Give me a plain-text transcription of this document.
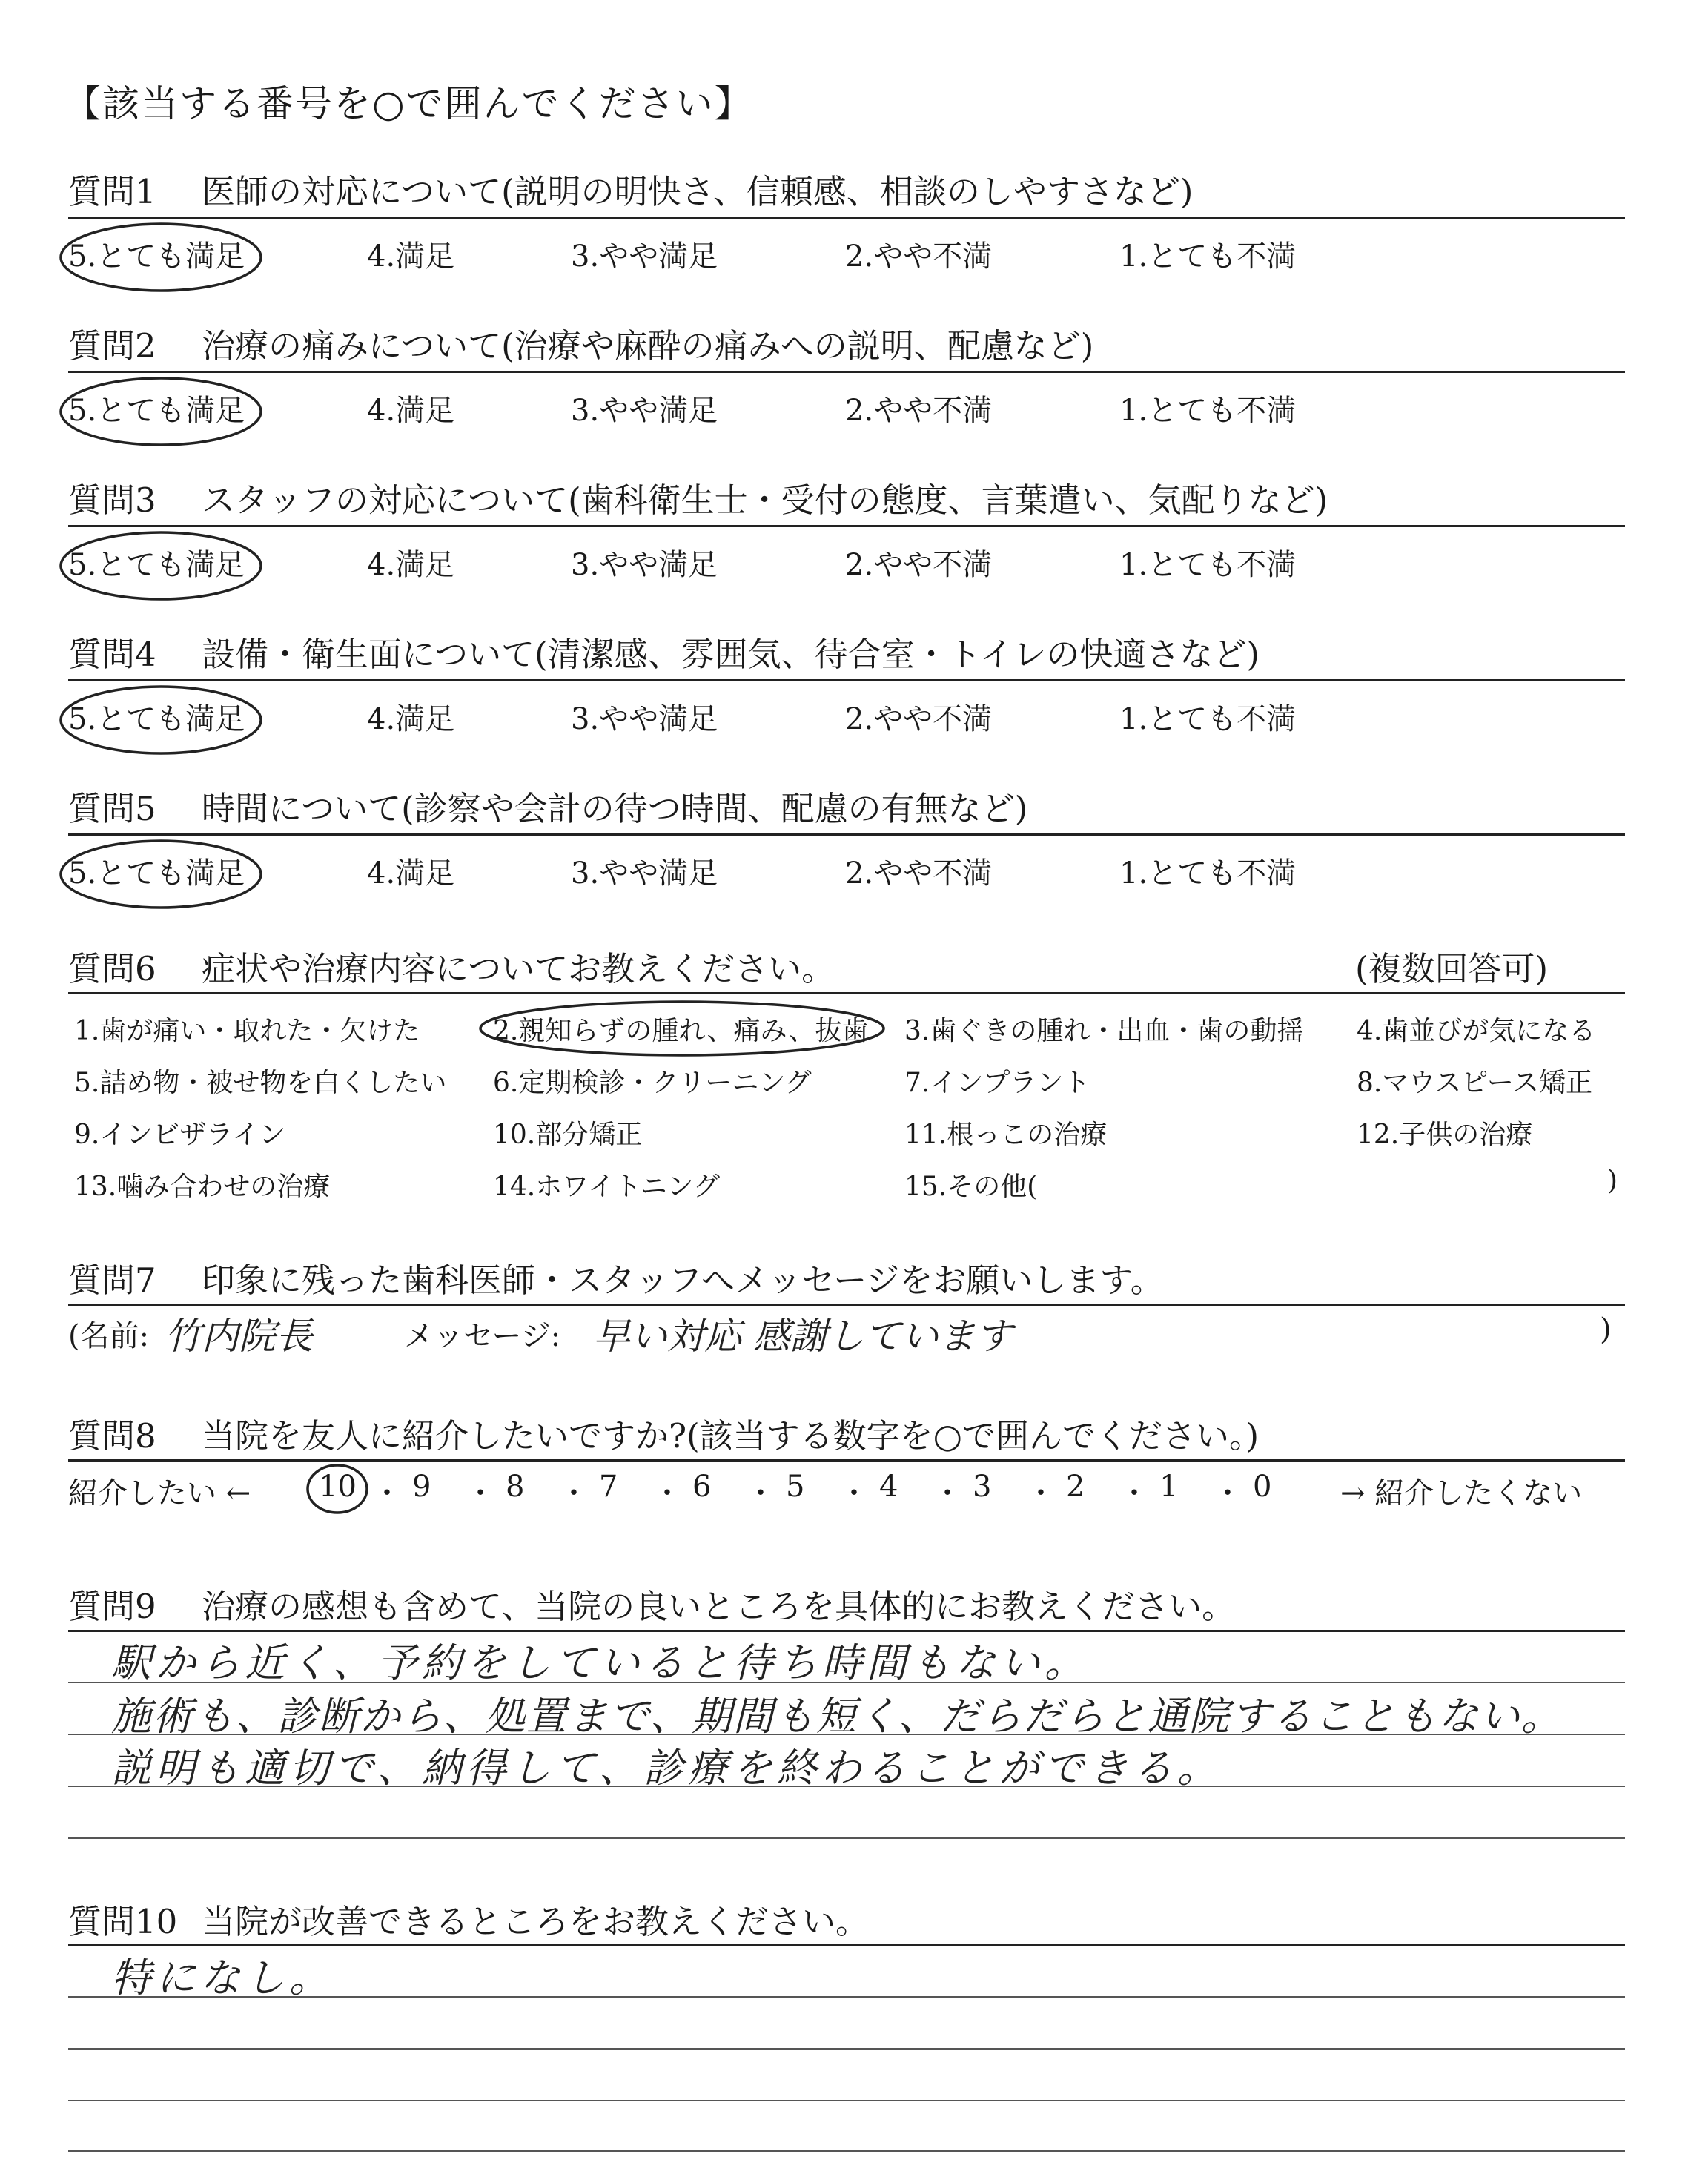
【該当する番号を○で囲んでください】
質問1 医師の対応について(説明の明快さ、信頼感、相談のしやすさなど)
5.とても満足	4.満足	3.やや満足	2.やや不満	1.とても不満
質問2 治療の痛みについて(治療や麻酔の痛みへの説明、配慮など)
5.とても満足	4.満足	3.やや満足	2.やや不満	1.とても不満
質問3 スタッフの対応について(歯科衛生士・受付の態度、言葉遣い、気配りなど)
5.とても満足	4.満足	3.やや満足	2.やや不満	1.とても不満
質問4 設備・衛生面について(清潔感、雰囲気、待合室・トイレの快適さなど)
5.とても満足	4.満足	3.やや満足	2.やや不満	1.とても不満
質問5 時間について(診察や会計の待つ時間、配慮の有無など)
5.とても満足	4.満足	3.やや満足	2.やや不満	1.とても不満
質問6 症状や治療内容についてお教えください。	(複数回答可)
1.歯が痛い・取れた・欠けた	2.親知らずの腫れ、痛み、抜歯 3.歯ぐきの腫れ・出血・歯の動揺 4.歯並びが気になる
5.詰め物・被せ物を白くしたい 6.定期検診・クリーニング	7.インプラント	8.マウスピース矯正
9.インビザライン	10.部分矯正	11.根っこの治療	12.子供の治療
13.噛み合わせの治療	14.ホワイトニング	15.その他(	)
質問7 印象に残った歯科医師・スタッフへメッセージをお願いします。
(名前: 竹内院長	メッセージ: 早い対応 感謝しています	)
質問8 当院を友人に紹介したいですか?(該当する数字を○で囲んでください。)
紹介したい ← 10 ・ 9 ・ 8 ・ 7 ・ 6 ・ 5 ・ 4 ・ 3 ・ 2 ・ 1 ・ 0 → 紹介したくない
質問9 治療の感想も含めて、当院の良いところを具体的にお教えください。
駅から近く、予約をしていると待ち時間もない。
施術も、診断から、処置まで、期間も短く、だらだらと通院することもない。
説明も適切で、納得して、診療を終わることができる。
質問10 当院が改善できるところをお教えください。
特になし。
